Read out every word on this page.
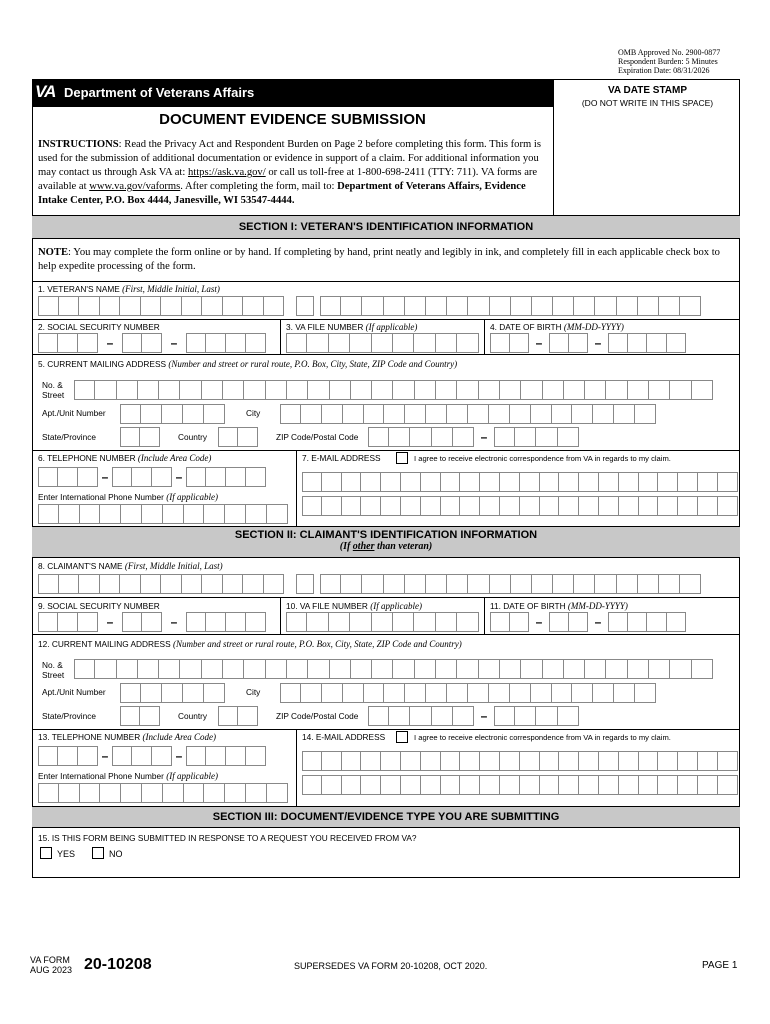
OMB Approved No. 2900-0877
Respondent Burden: 5 Minutes
Expiration Date: 08/31/2026
VA Department of Veterans Affairs	VA DATE STAMP
(DO NOT WRITE IN THIS SPACE)
DOCUMENT EVIDENCE SUBMISSION
INSTRUCTIONS: Read the Privacy Act and Respondent Burden on Page 2 before completing this form. This form is used for the submission of additional documentation or evidence in support of a claim. For additional information you may contact us through Ask VA at: https://ask.va.gov/ or call us toll-free at 1-800-698-2411 (TTY: 711). VA forms are available at www.va.gov/vaforms. After completing the form, mail to: Department of Veterans Affairs, Evidence Intake Center, P.O. Box 4444, Janesville, WI 53547-4444.
SECTION I: VETERAN'S IDENTIFICATION INFORMATION
NOTE: You may complete the form online or by hand. If completing by hand, print neatly and legibly in ink, and completely fill in each applicable check box to help expedite processing of the form.
1. VETERAN'S NAME (First, Middle Initial, Last)
2. SOCIAL SECURITY NUMBER	3. VA FILE NUMBER (If applicable)	4. DATE OF BIRTH (MM-DD-YYYY)
–	–	–	–
5. CURRENT MAILING ADDRESS (Number and street or rural route, P.O. Box, City, State, ZIP Code and Country)
No. &
Street
Apt./Unit Number	City
State/Province	Country	ZIP Code/Postal Code	–
6. TELEPHONE NUMBER (Include Area Code)	7. E-MAIL ADDRESS	I agree to receive electronic correspondence from VA in regards to my claim.
–	–
Enter International Phone Number (If applicable)
SECTION II: CLAIMANT'S IDENTIFICATION INFORMATION
(If other than veteran)
8. CLAIMANT'S NAME (First, Middle Initial, Last)
9. SOCIAL SECURITY NUMBER	10. VA FILE NUMBER (If applicable)	11. DATE OF BIRTH (MM-DD-YYYY)
–	–	–	–
12. CURRENT MAILING ADDRESS (Number and street or rural route, P.O. Box, City, State, ZIP Code and Country)
No. &
Street
Apt./Unit Number	City
State/Province	Country	ZIP Code/Postal Code	–
13. TELEPHONE NUMBER (Include Area Code)	14. E-MAIL ADDRESS	I agree to receive electronic correspondence from VA in regards to my claim.
–	–
Enter International Phone Number (If applicable)
SECTION III: DOCUMENT/EVIDENCE TYPE YOU ARE SUBMITTING
15. IS THIS FORM BEING SUBMITTED IN RESPONSE TO A REQUEST YOU RECEIVED FROM VA?
YES	NO
VA FORM
AUG 2023 20-10208	SUPERSEDES VA FORM 20-10208, OCT 2020.	PAGE 1
